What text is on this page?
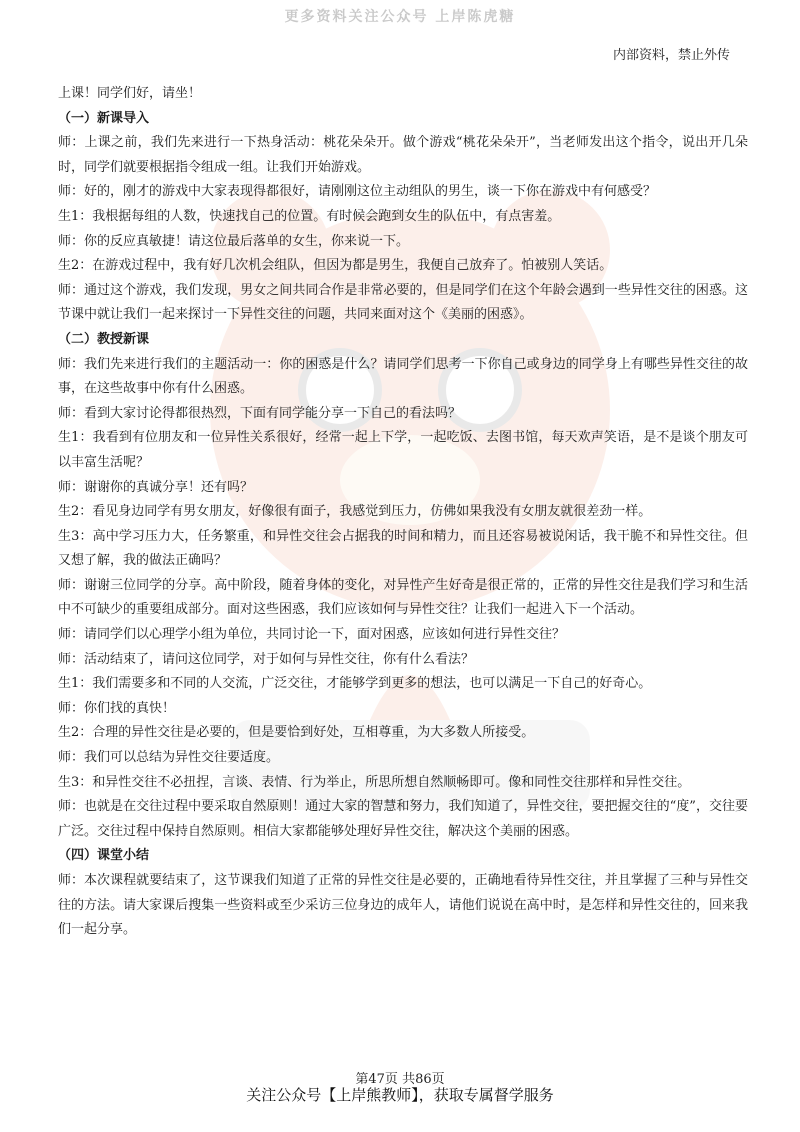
更多资料关注公众号 上岸陈虎糖
内部资料，禁止外传

上课！同学们好，请坐！

（一）新课导入

师：上课之前，我们先来进行一下热身活动：桃花朵朵开。做个游戏“桃花朵朵开”，当老师发出这个指令，说出开几朵时，同学们就要根据指令组成一组。让我们开始游戏。

师：好的，刚才的游戏中大家表现得都很好，请刚刚这位主动组队的男生，谈一下你在游戏中有何感受？

生1：我根据每组的人数，快速找自己的位置。有时候会跑到女生的队伍中，有点害羞。

师：你的反应真敏捷！请这位最后落单的女生，你来说一下。

生2：在游戏过程中，我有好几次机会组队，但因为都是男生，我便自己放弃了。怕被别人笑话。

师：通过这个游戏，我们发现，男女之间共同合作是非常必要的，但是同学们在这个年龄会遇到一些异性交往的困惑。这节课中就让我们一起来探讨一下异性交往的问题，共同来面对这个《美丽的困惑》。

（二）教授新课

师：我们先来进行我们的主题活动一：你的困惑是什么？请同学们思考一下你自己或身边的同学身上有哪些异性交往的故事，在这些故事中你有什么困惑。

师：看到大家讨论得都很热烈，下面有同学能分享一下自己的看法吗？

生1：我看到有位朋友和一位异性关系很好，经常一起上下学，一起吃饭、去图书馆，每天欢声笑语，是不是谈个朋友可以丰富生活呢？

师：谢谢你的真诚分享！还有吗？

生2：看见身边同学有男女朋友，好像很有面子，我感觉到压力，仿佛如果我没有女朋友就很差劲一样。

生3：高中学习压力大，任务繁重，和异性交往会占据我的时间和精力，而且还容易被说闲话，我干脆不和异性交往。但又想了解，我的做法正确吗？

师：谢谢三位同学的分享。高中阶段，随着身体的变化，对异性产生好奇是很正常的，正常的异性交往是我们学习和生活中不可缺少的重要组成部分。面对这些困惑，我们应该如何与异性交往？让我们一起进入下一个活动。

师：请同学们以心理学小组为单位，共同讨论一下，面对困惑，应该如何进行异性交往？

师：活动结束了，请问这位同学，对于如何与异性交往，你有什么看法？

生1：我们需要多和不同的人交流，广泛交往，才能够学到更多的想法，也可以满足一下自己的好奇心。

师：你们找的真快！

生2：合理的异性交往是必要的，但是要恰到好处，互相尊重，为大多数人所接受。

师：我们可以总结为异性交往要适度。

生3：和异性交往不必扭捏，言谈、表情、行为举止，所思所想自然顺畅即可。像和同性交往那样和异性交往。

师：也就是在交往过程中要采取自然原则！通过大家的智慧和努力，我们知道了，异性交往，要把握交往的“度”，交往要广泛。交往过程中保持自然原则。相信大家都能够处理好异性交往，解决这个美丽的困惑。

（四）课堂小结

师：本次课程就要结束了，这节课我们知道了正常的异性交往是必要的，正确地看待异性交往，并且掌握了三种与异性交往的方法。请大家课后搜集一些资料或至少采访三位身边的成年人，请他们说说在高中时，是怎样和异性交往的，回来我们一起分享。

第47页 共86页
关注公众号【上岸熊教师】，获取专属督学服务
